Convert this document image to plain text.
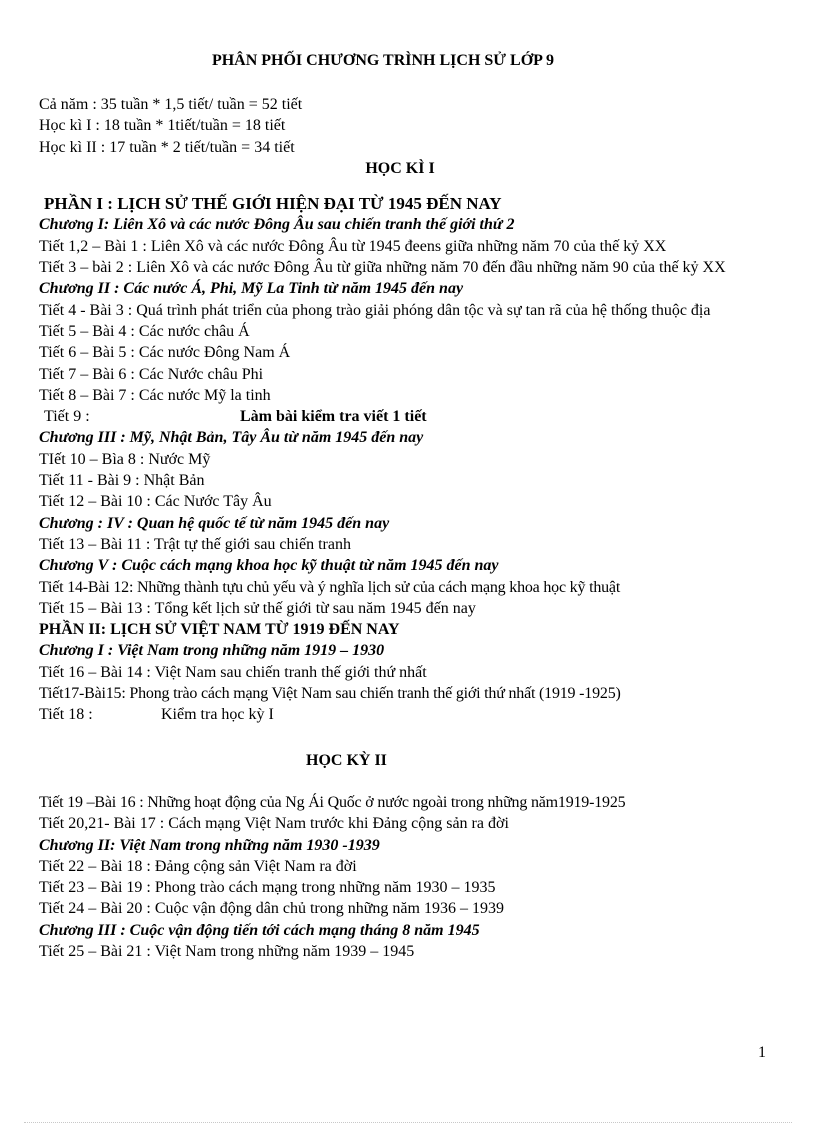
PHÂN PHỐI CHƯƠNG TRÌNH LỊCH SỬ LỚP 9
Cả năm : 35 tuần * 1,5 tiết/ tuần = 52 tiết
Học kì I : 18 tuần * 1tiết/tuần = 18 tiết
Học kì II : 17 tuần * 2 tiết/tuần = 34 tiết
HỌC KÌ I
PHẦN I : LỊCH SỬ THẾ GIỚI HIỆN ĐẠI TỪ 1945 ĐẾN NAY
Chương I: Liên Xô và các nước Đông Âu sau chiến tranh thế giới thứ 2
Tiết 1,2 – Bài 1 : Liên Xô và các nước Đông Âu từ 1945 đeens giữa những năm 70 của thế kỷ XX
Tiết 3 – bài 2 : Liên Xô và các nước Đông Âu từ giữa những năm 70 đến đầu những năm 90 của thế kỷ XX
Chương II : Các nước Á, Phi, Mỹ La Tinh từ năm 1945 đến nay
Tiết 4 - Bài 3 : Quá trình phát triển của phong trào giải phóng dân tộc và sự tan rã của hệ thống thuộc địa
Tiết 5 – Bài 4 : Các nước châu Á
Tiết 6 – Bài 5 : Các nước Đông Nam Á
Tiết 7 – Bài 6 : Các Nước châu Phi
Tiết 8 – Bài 7 : Các nước Mỹ la tinh
Tiết 9 :	Làm bài kiểm tra viết 1 tiết
Chương III : Mỹ, Nhật Bản, Tây Âu từ năm 1945 đến nay
TIết 10 – Bìa 8 : Nước Mỹ
Tiết 11 - Bài 9 : Nhật Bản
Tiết 12 – Bài 10 : Các Nước Tây Âu
Chương : IV : Quan hệ quốc tế từ năm 1945 đến nay
Tiết 13 – Bài 11 : Trật tự thế giới sau chiến tranh
Chương V : Cuộc cách mạng khoa học kỹ thuật từ năm 1945 đến nay
Tiết 14-Bài 12: Những thành tựu chủ yếu và ý nghĩa lịch sử của cách mạng khoa học kỹ thuật
Tiết 15 – Bài 13 : Tổng kết lịch sử thế giới từ sau năm 1945 đến nay
PHẦN II: LỊCH SỬ VIỆT NAM TỪ 1919 ĐẾN NAY
Chương I : Việt Nam trong những năm 1919 – 1930
Tiết 16 – Bài 14 : Việt Nam sau chiến tranh thế giới thứ nhất
Tiết17-Bài15: Phong trào cách mạng Việt Nam sau chiến tranh thế giới thứ nhất (1919 -1925)
Tiết 18 :	Kiểm tra học kỳ I
HỌC KỲ II
Tiết 19 –Bài 16 : Những hoạt động của Ng Ái Quốc ở nước ngoài trong những năm1919-1925
Tiết 20,21- Bài 17 : Cách mạng Việt Nam trước khi Đảng cộng sản ra đời
Chương II: Việt Nam trong những năm 1930 -1939
Tiết 22 – Bài 18 : Đảng cộng sản Việt Nam ra đời
Tiết 23 – Bài 19 : Phong trào cách mạng trong những năm 1930 – 1935
Tiết 24 – Bài 20 : Cuộc vận động dân chủ trong những năm 1936 – 1939
Chương III : Cuộc vận động tiến tới cách mạng tháng 8 năm 1945
Tiết 25 – Bài 21 : Việt Nam trong những năm 1939 – 1945
1
